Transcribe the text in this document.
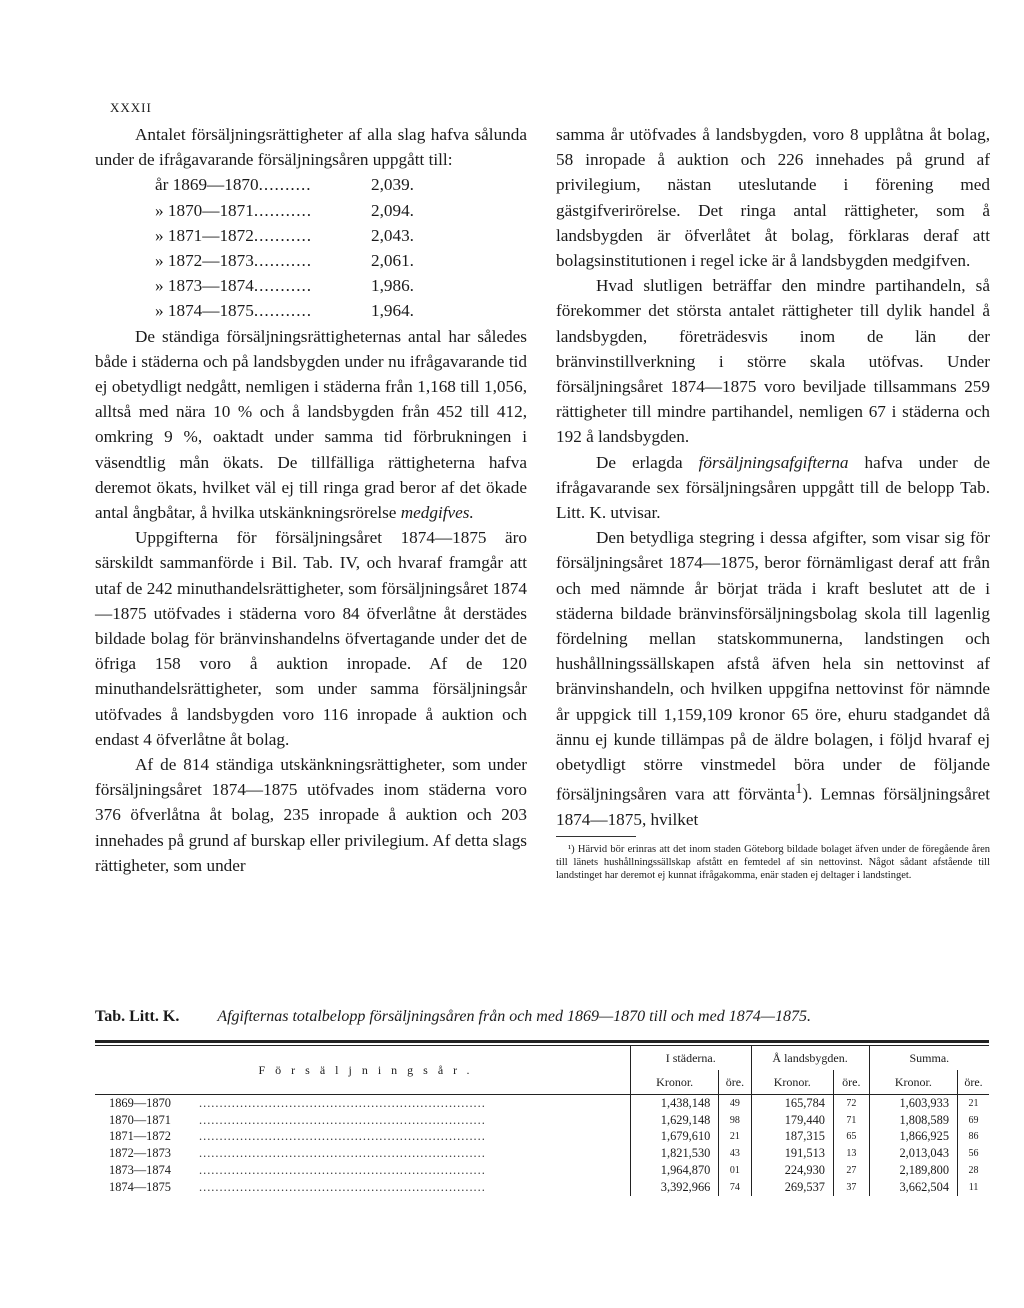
XXXII

Antalet försäljningsrättigheter af alla slag hafva sålunda under de ifrågavarande försäljningsåren uppgått till:

år 1869—1870..........	2,039.
» 1870—1871...........	2,094.
» 1871—1872...........	2,043.
» 1872—1873...........	2,061.
» 1873—1874...........	1,986.
» 1874—1875...........	1,964.

De ständiga försäljningsrättigheternas antal har således både i städerna och på landsbygden under nu ifrågavarande tid ej obetydligt nedgått, nemligen i städerna från 1,168 till 1,056, alltså med nära 10 % och å landsbygden från 452 till 412, omkring 9 %, oaktadt under samma tid förbrukningen i väsendtlig mån ökats. De tillfälliga rättigheterna hafva deremot ökats, hvilket väl ej till ringa grad beror af det ökade antal ångbåtar, å hvilka utskänkningsrörelse medgifves.

Uppgifterna för försäljningsåret 1874—1875 äro särskildt sammanförde i Bil. Tab. IV, och hvaraf framgår att utaf de 242 minuthandelsrättigheter, som försäljningsåret 1874—1875 utöfvades i städerna voro 84 öfverlåtne åt derstädes bildade bolag för bränvinshandelns öfvertagande under det de öfriga 158 voro å auktion inropade. Af de 120 minuthandelsrättigheter, som under samma försäljningsår utöfvades å landsbygden voro 116 inropade å auktion och endast 4 öfverlåtne åt bolag.

Af de 814 ständiga utskänkningsrättigheter, som under försäljningsåret 1874—1875 utöfvades inom städerna voro 376 öfverlåtna åt bolag, 235 inropade å auktion och 203 innehades på grund af burskap eller privilegium. Af detta slags rättigheter, som under

samma år utöfvades å landsbygden, voro 8 upplåtna åt bolag, 58 inropade å auktion och 226 innehades på grund af privilegium, nästan uteslutande i förening med gästgifverirörelse. Det ringa antal rättigheter, som å landsbygden är öfverlåtet åt bolag, förklaras deraf att bolagsinstitutionen i regel icke är å landsbygden medgifven.

Hvad slutligen beträffar den mindre partihandeln, så förekommer det största antalet rättigheter till dylik handel å landsbygden, företrädesvis inom de län der bränvinstillverkning i större skala utöfvas. Under försäljningsåret 1874—1875 voro beviljade tillsammans 259 rättigheter till mindre partihandel, nemligen 67 i städerna och 192 å landsbygden.

De erlagda försäljningsafgifterna hafva under de ifrågavarande sex försäljningsåren uppgått till de belopp Tab. Litt. K. utvisar.

Den betydliga stegring i dessa afgifter, som visar sig för försäljningsåret 1874—1875, beror förnämligast deraf att från och med nämnde år börjat träda i kraft beslutet att de i städerna bildade bränvinsförsäljningsbolag skola till lagenlig fördelning mellan statskommunerna, landstingen och hushållningssällskapen afstå äfven hela sin nettovinst af bränvinshandeln, och hvilken uppgifna nettovinst för nämnde år uppgick till 1,159,109 kronor 65 öre, ehuru stadgandet då ännu ej kunde tillämpas på de äldre bolagen, i följd hvaraf ej obetydligt större vinstmedel böra under de följande försäljningsåren vara att förvänta$^1$). Lemnas försäljningsåret 1874—1875, hvilket

¹) Härvid bör erinras att det inom staden Göteborg bildade bolaget äfven under de föregående åren till länets hushållningssällskap afstått en femtedel af sin nettovinst. Något sådant afstående till landstinget har deremot ej kunnat ifrågakomma, enär staden ej deltager i landstinget.

Tab. Litt. K. Afgifternas totalbelopp försäljningsåren från och med 1869—1870 till och med 1874—1875.
Försäljningsår.	I städerna.		Å landsbygden.		Summa.	
	Kronor.	öre.	Kronor.	öre.	Kronor.	öre.
1869—1870 ......................................................................	1,438,148	49	165,784	72	1,603,933	21
1870—1871 ......................................................................	1,629,148	98	179,440	71	1,808,589	69
1871—1872 ......................................................................	1,679,610	21	187,315	65	1,866,925	86
1872—1873 ......................................................................	1,821,530	43	191,513	13	2,013,043	56
1873—1874 ......................................................................	1,964,870	01	224,930	27	2,189,800	28
1874—1875 ......................................................................	3,392,966	74	269,537	37	3,662,504	11
